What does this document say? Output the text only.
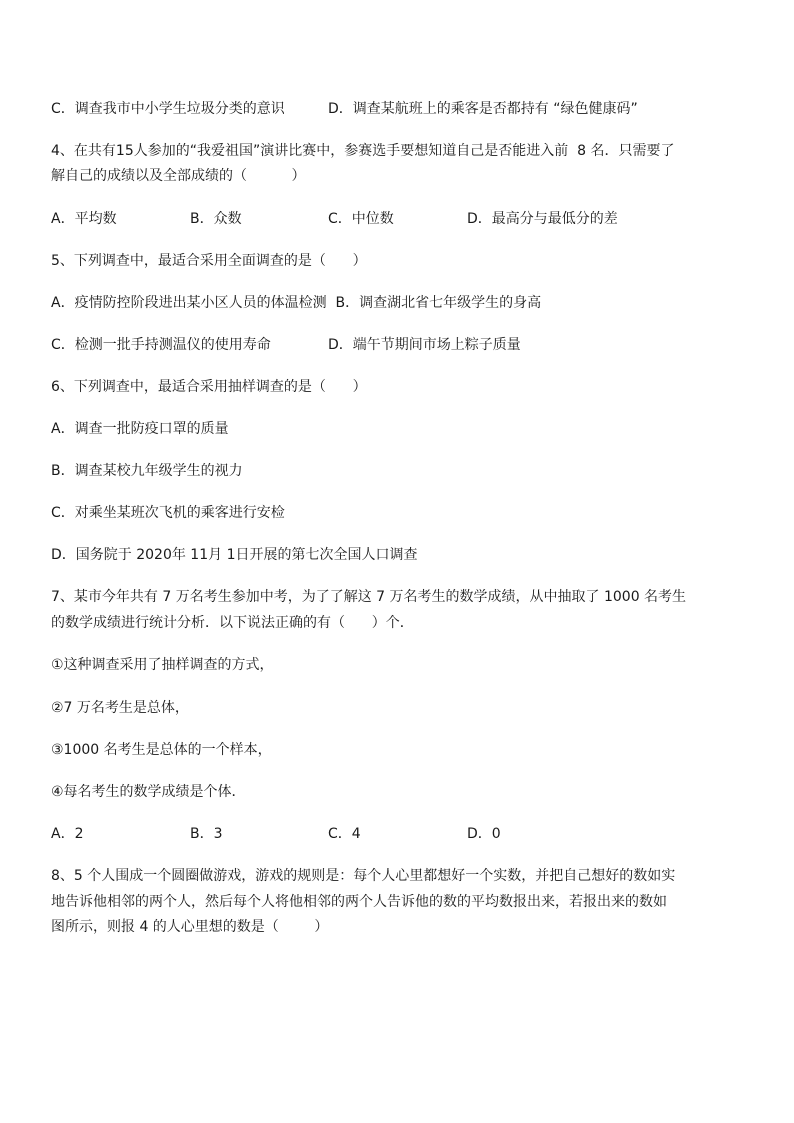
C．调查我市中小学生垃圾分类的意识

	D．调查某航班上的乘客是否都持有 “绿色健康码”

4、在共有15人参加的“我爱祖国”演讲比赛中，参赛选手要想知道自己是否能进入前  8 名．只需要了
解自己的成绩以及全部成绩的（          ）

A．平均数

	B．众数

	C．中位数

	D．最高分与最低分的差

5、下列调查中，最适合采用全面调查的是（      ）
A．疫情防控阶段进出某小区人员的体温检测  B．调查湖北省七年级学生的身高

C．检测一批手持测温仪的使用寿命

	D．端午节期间市场上粽子质量

6、下列调查中，最适合采用抽样调查的是（      ）
A．调查一批防疫口罩的质量
B．调查某校九年级学生的视力
C．对乘坐某班次飞机的乘客进行安检
D．国务院于 2020年 11月 1日开展的第七次全国人口调查
7、某市今年共有 7 万名考生参加中考，为了了解这 7 万名考生的数学成绩，从中抽取了 1000 名考生
的数学成绩进行统计分析．以下说法正确的有（      ）个．
①这种调查采用了抽样调查的方式，
②7 万名考生是总体，
③1000 名考生是总体的一个样本，
④每名考生的数学成绩是个体．

A．2

	B．3

	C．4

	D．0

8、5 个人围成一个圆圈做游戏，游戏的规则是：每个人心里都想好一个实数，并把自己想好的数如实
地告诉他相邻的两个人，然后每个人将他相邻的两个人告诉他的数的平均数报出来，若报出来的数如
图所示，则报 4 的人心里想的数是（        ）
